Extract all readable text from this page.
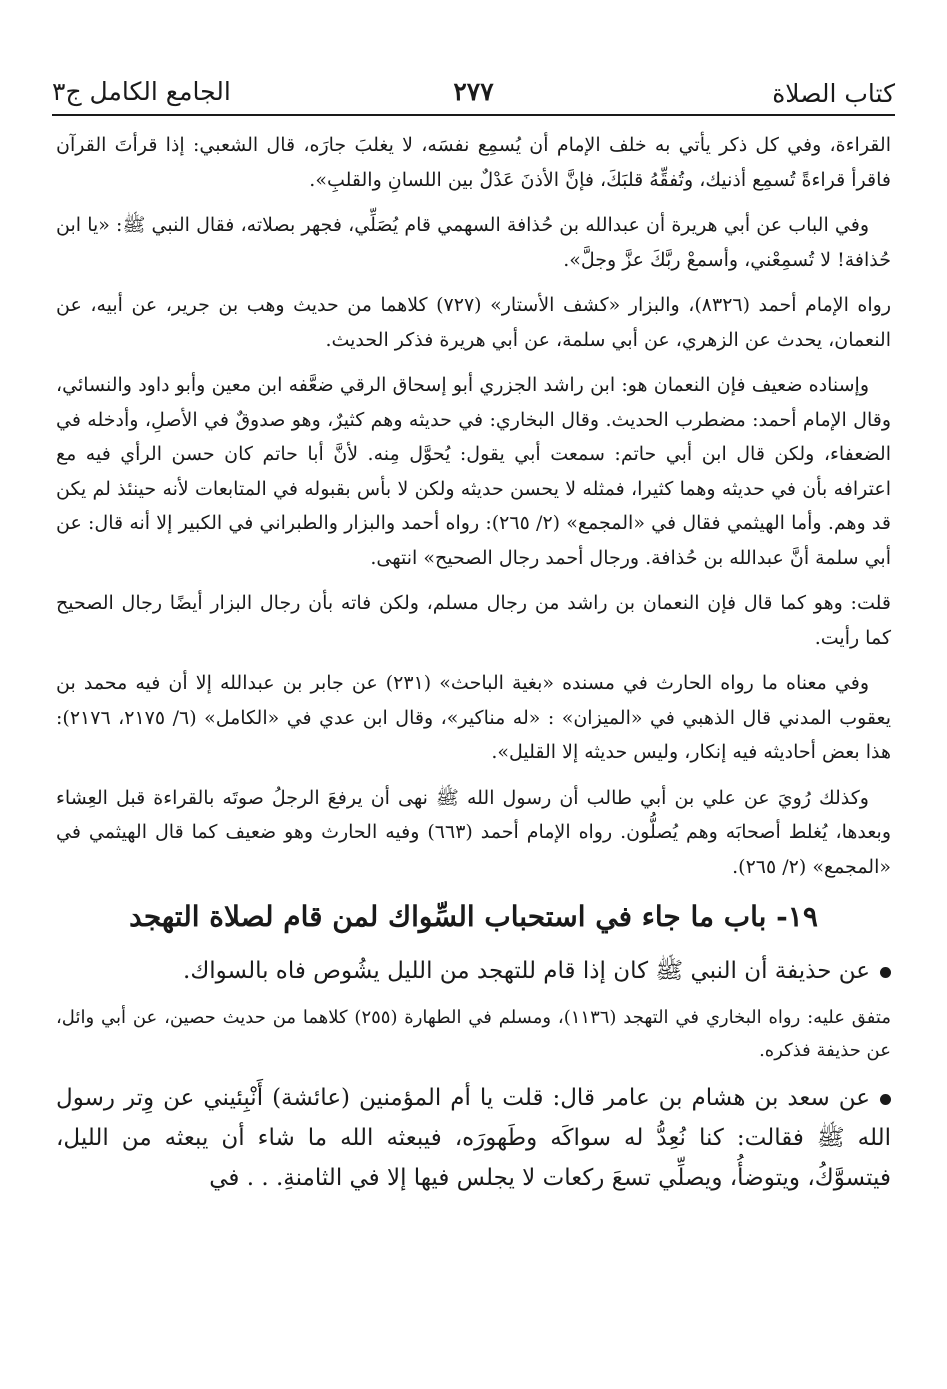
كتاب الصلاة
٢٧٧
الجامع الكامل ج٣

القراءة، وفي كل ذكر يأتي به خلف الإمام أن يُسمِع نفسَه، لا يغلبَ جارَه، قال الشعبي: إذا قرأتَ القرآن فاقرأ قراءةً تُسمِع أذنيك، وتُفقِّهُ قلبَكَ، فإنَّ الأذنَ عَدْلٌ بين اللسانِ والقلبِ».

وفي الباب عن أبي هريرة أن عبدالله بن حُذافة السهمي قام يُصَلِّي، فجهر بصلاته، فقال النبي ﷺ: «يا ابن حُذافة! لا تُسمِعْني، وأسمعْ ربَّكَ عزَّ وجلَّ».

رواه الإمام أحمد (٨٣٢٦)، والبزار «كشف الأستار» (٧٢٧) كلاهما من حديث وهب بن جرير، عن أبيه، عن النعمان، يحدث عن الزهري، عن أبي سلمة، عن أبي هريرة فذكر الحديث.

وإسناده ضعيف فإن النعمان هو: ابن راشد الجزري أبو إسحاق الرقي ضعَّفه ابن معين وأبو داود والنسائي، وقال الإمام أحمد: مضطرب الحديث. وقال البخاري: في حديثه وهم كثيرٌ، وهو صدوقٌ في الأصلِ، وأدخله في الضعفاء، ولكن قال ابن أبي حاتم: سمعت أبي يقول: يُحوَّل مِنه. لأنَّ أبا حاتم كان حسن الرأي فيه مع اعترافه بأن في حديثه وهما كثيرا، فمثله لا يحسن حديثه ولكن لا بأس بقبوله في المتابعات لأنه حينئذ لم يكن قد وهم. وأما الهيثمي فقال في «المجمع» (٢/ ٢٦٥): رواه أحمد والبزار والطبراني في الكبير إلا أنه قال: عن أبي سلمة أنَّ عبدالله بن حُذافة. ورجال أحمد رجال الصحيح» انتهى.

قلت: وهو كما قال فإن النعمان بن راشد من رجال مسلم، ولكن فاته بأن رجال البزار أيضًا رجال الصحيح كما رأيت.

وفي معناه ما رواه الحارث في مسنده «بغية الباحث» (٢٣١) عن جابر بن عبدالله إلا أن فيه محمد بن يعقوب المدني قال الذهبي في «الميزان» : «له مناكير»، وقال ابن عدي في «الكامل» (٦/ ٢١٧٥، ٢١٧٦): هذا بعض أحاديثه فيه إنكار، وليس حديثه إلا القليل».

وكذلك رُويَ عن علي بن أبي طالب أن رسول الله ﷺ نهى أن يرفعَ الرجلُ صوتَه بالقراءة قبل العِشاء وبعدها، يُغلط أصحابَه وهم يُصلُّون. رواه الإمام أحمد (٦٦٣) وفيه الحارث وهو ضعيف كما قال الهيثمي في «المجمع» (٢/ ٢٦٥).

١٩- باب ما جاء في استحباب السِّواك لمن قام لصلاة التهجد

عن حذيفة أن النبي ﷺ كان إذا قام للتهجد من الليل يشُوص فاه بالسواك.

متفق عليه: رواه البخاري في التهجد (١١٣٦)، ومسلم في الطهارة (٢٥٥) كلاهما من حديث حصين، عن أبي وائل، عن حذيفة فذكره.

عن سعد بن هشام بن عامر قال: قلت يا أم المؤمنين (عائشة) أَنْبِئيني عن وِتر رسول الله ﷺ فقالت: كنا نُعِدُّ له سواكَه وطَهورَه، فيبعثه الله ما شاء أن يبعثه من الليل، فيتسوَّكُ، ويتوضأُ، ويصلِّي تسعَ ركعات لا يجلس فيها إلا في الثامنةِ. . . في
